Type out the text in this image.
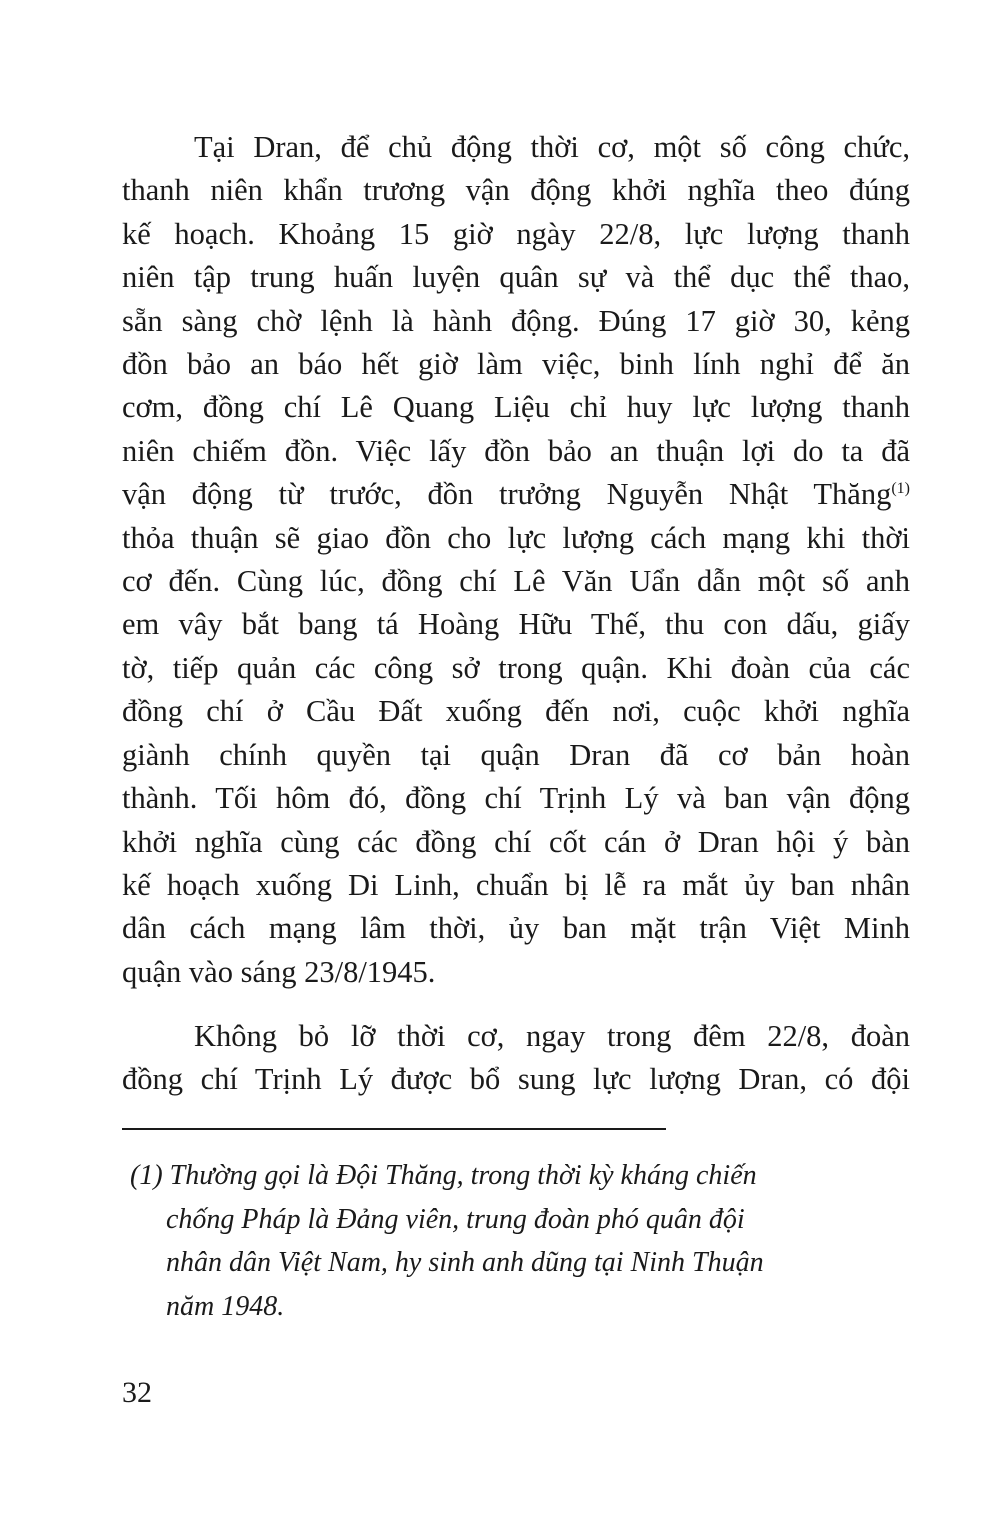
Tại Dran, để chủ động thời cơ, một số công chức,
thanh niên khẩn trương vận động khởi nghĩa theo đúng
kế hoạch. Khoảng 15 giờ ngày 22/8, lực lượng thanh
niên tập trung huấn luyện quân sự và thể dục thể thao,
sẵn sàng chờ lệnh là hành động. Đúng 17 giờ 30, kẻng
đồn bảo an báo hết giờ làm việc, binh lính nghỉ để ăn
cơm, đồng chí Lê Quang Liệu chỉ huy lực lượng thanh
niên chiếm đồn. Việc lấy đồn bảo an thuận lợi do ta đã
vận động từ trước, đồn trưởng Nguyễn Nhật Thăng$^{(1)}$
thỏa thuận sẽ giao đồn cho lực lượng cách mạng khi thời
cơ đến. Cùng lúc, đồng chí Lê Văn Uẩn dẫn một số anh
em vây bắt bang tá Hoàng Hữu Thế, thu con dấu, giấy
tờ, tiếp quản các công sở trong quận. Khi đoàn của các
đồng chí ở Cầu Đất xuống đến nơi, cuộc khởi nghĩa
giành chính quyền tại quận Dran đã cơ bản hoàn
thành. Tối hôm đó, đồng chí Trịnh Lý và ban vận động
khởi nghĩa cùng các đồng chí cốt cán ở Dran hội ý bàn
kế hoạch xuống Di Linh, chuẩn bị lễ ra mắt ủy ban nhân
dân cách mạng lâm thời, ủy ban mặt trận Việt Minh
quận vào sáng 23/8/1945.
Không bỏ lỡ thời cơ, ngay trong đêm 22/8, đoàn
đồng chí Trịnh Lý được bổ sung lực lượng Dran, có đội
(1) Thường gọi là Đội Thăng, trong thời kỳ kháng chiến
chống Pháp là Đảng viên, trung đoàn phó quân đội
nhân dân Việt Nam, hy sinh anh dũng tại Ninh Thuận
năm 1948.
32
